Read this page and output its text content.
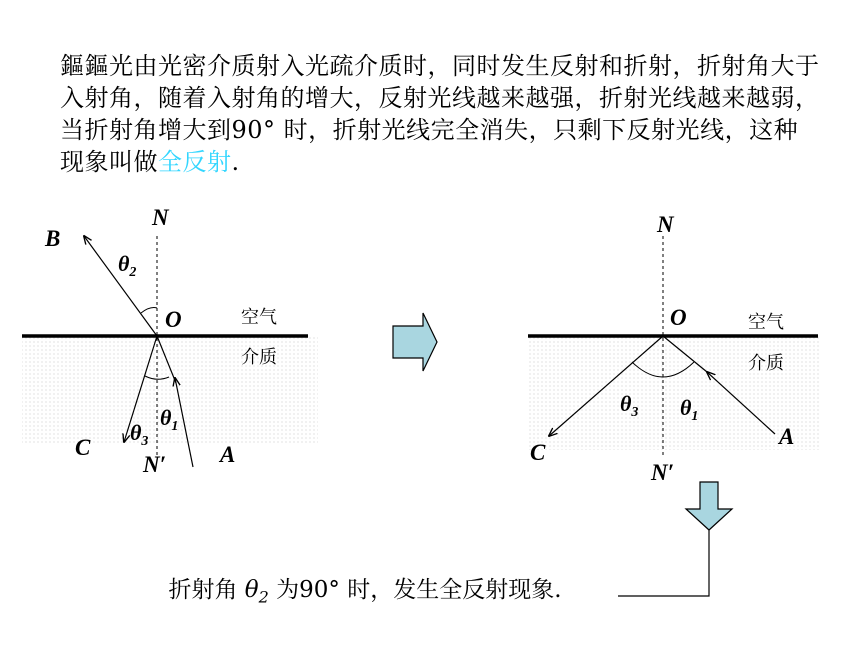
鏂鏂光由光密介质射入光疏介质时，同时发生反射和折射，折射角大于入射角，随着入射角的增大，反射光线越来越强，折射光线越来越弱，当折射角增大到90° 时，折射光线完全消失，只剩下反射光线，这种现象叫做全反射.
N
B
$\theta_2$
O	空气
介质
$\theta_1$
$\theta_3$
C
N′ A
N
O	空气
介质
$\theta_3$ $\theta_1$
A
C
N′
折射角 $\theta_2$ 为90° 时，发生全反射现象.
